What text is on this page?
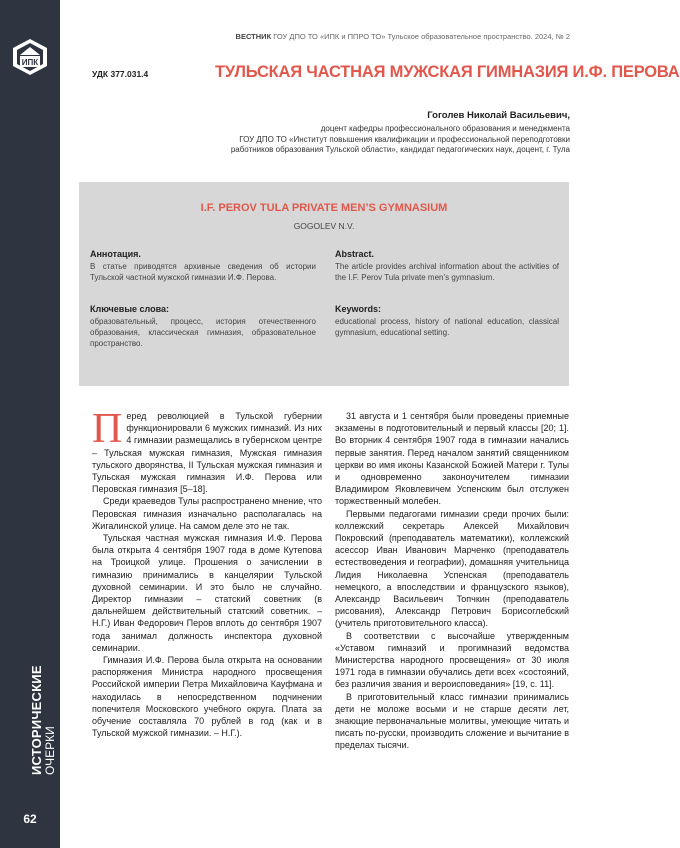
ИПК
ИСТОРИЧЕСКИЕ ОЧЕРКИ
62
ВЕСТНИК ГОУ ДПО ТО «ИПК и ППРО ТО» Тульское образовательное пространство. 2024, № 2
УДК 377.031.4	ТУЛЬСКАЯ ЧАСТНАЯ МУЖСКАЯ ГИМНАЗИЯ И.Ф. ПЕРОВА
Гоголев Николай Васильевич,
доцент кафедры профессионального образования и менеджмента
ГОУ ДПО ТО «Институт повышения квалификации и профессиональной переподготовки
работников образования Тульской области», кандидат педагогических наук, доцент, г. Тула
I.F. PEROV TULA PRIVATE MEN’S GYMNASIUM
GOGOLEV N.V.

Аннотация.

В статье приводятся архивные сведения об истории Тульской частной мужской гимназии И.Ф. Перова.

Abstract.

The article provides archival information about the activities of the I.F. Perov Tula private men’s gymnasium.

Ключевые слова:

образовательный, процесс, история отечественного образования, классическая гимназия, образовательное пространство.

Keywords:

educational process, history of national education, classical gymnasium, educational setting.

Перед революцией в Тульской губернии функционировали 6 мужских гимназий. Из них 4 гимназии размещались в губернском центре – Тульская мужская гимназия, Мужская гимназия тульского дворянства, II Тульская мужская гимназия и Тульская мужская гимназия И.Ф. Перова или Перовская гимназия [5–18].

Среди краеведов Тулы распространено мнение, что Перовская гимназия изначально располагалась на Жигалинской улице. На самом деле это не так.

Тульская частная мужская гимназия И.Ф. Перова была открыта 4 сентября 1907 года в доме Кутепова на Троицкой улице. Прошения о зачислении в гимназию принимались в канцелярии Тульской духовной семинарии. И это было не случайно. Директор гимназии – статский советник (в дальнейшем действительный статский советник. – Н.Г.) Иван Федорович Перов вплоть до сентября 1907 года занимал должность инспектора духовной семинарии.

Гимназия И.Ф. Перова была открыта на основании распоряжения Министра народного просвещения Российской империи Петра Михайловича Кауфмана и находилась в непосредственном подчинении попечителя Московского учебного округа. Плата за обучение составляла 70 рублей в год (как и в Тульской мужской гимназии. – Н.Г.).

31 августа и 1 сентября были проведены приемные экзамены в подготовительный и первый классы [20; 1]. Во вторник 4 сентября 1907 года в гимназии начались первые занятия. Перед началом занятий священником церкви во имя иконы Казанской Божией Матери г. Тулы и одновременно законоучителем гимназии Владимиром Яковлевичем Успенским был отслужен торжественный молебен.

Первыми педагогами гимназии среди прочих были: коллежский секретарь Алексей Михайлович Покровский (преподаватель математики), коллежский асессор Иван Иванович Марченко (преподаватель естествоведения и географии), домашняя учительница Лидия Николаевна Успенская (преподаватель немецкого, а впоследствии и французского языков), Александр Васильевич Топчкин (преподаватель рисования), Александр Петрович Борисоглебский (учитель приготовительного класса).

В соответствии с высочайше утвержденным «Уставом гимназий и прогимназий ведомства Министерства народного просвещения» от 30 июля 1971 года в гимназии обучались дети всех «состояний, без различия звания и вероисповедания» [19, с. 11].

В приготовительный класс гимназии принимались дети не моложе восьми и не старше десяти лет, знающие первоначальные молитвы, умеющие читать и писать по-русски, производить сложение и вычитание в пределах тысячи.
